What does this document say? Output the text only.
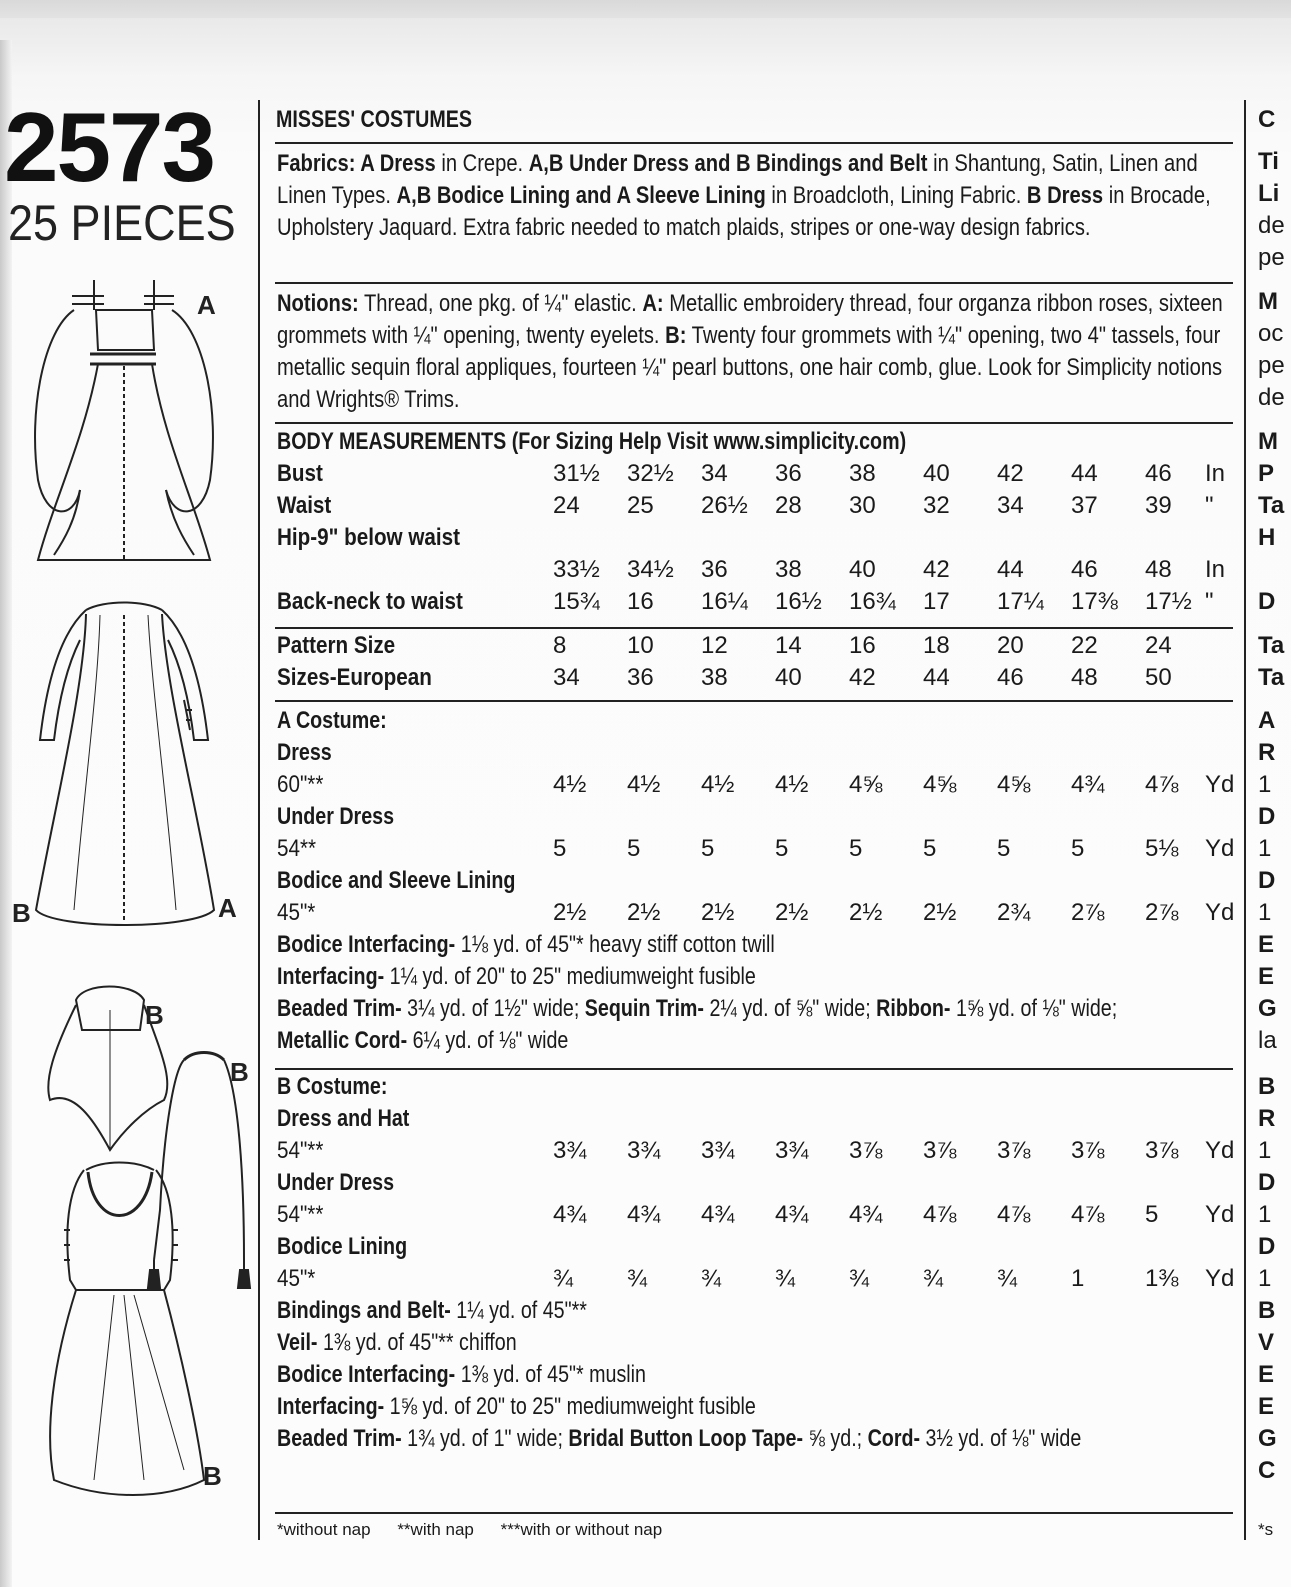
2573
25 PIECES
A
A
B
B
B
B
MISSES' COSTUMES
Fabrics: A Dress in Crepe. A,B Under Dress and B Bindings and Belt in Shantung, Satin, Linen and Linen Types. A,B Bodice Lining and A Sleeve Lining in Broadcloth, Lining Fabric. B Dress in Brocade, Upholstery Jaquard. Extra fabric needed to match plaids, stripes or one-way design fabrics.
Notions: Thread, one pkg. of ¼" elastic. A: Metallic embroidery thread, four organza ribbon roses, sixteen grommets with ¼" opening, twenty eyelets. B: Twenty four grommets with ¼" opening, two 4" tassels, four metallic sequin floral appliques, fourteen ¼" pearl buttons, one hair comb, glue. Look for Simplicity notions and Wrights® Trims.
BODY MEASUREMENTS (For Sizing Help Visit www.simplicity.com)
Bust	31½ 32½ 34	36	38	40	42	44	46	In
Waist	24	25	26½ 28	30	32	34	37	39	"
Hip-9" below waist
33½ 34½ 36	38	40	42	44	46	48	In
Back-neck to waist	15¾ 16	16¼ 16½ 16¾ 17	17¼ 17⅜ 17½ "
Pattern Size	8	10	12	14	16	18	20	22	24
Sizes-European	34	36	38	40	42	44	46	48	50
A Costume:
Dress
60"**	4½	4½	4½	4½	4⅝	4⅝	4⅝	4¾	4⅞	Yd
Under Dress
54**	5	5	5	5	5	5	5	5	5⅛	Yd
Bodice and Sleeve Lining
45"*	2½	2½	2½	2½	2½	2½	2¾	2⅞	2⅞	Yd
Bodice Interfacing- 1⅛ yd. of 45"* heavy stiff cotton twill
Interfacing- 1¼ yd. of 20" to 25" mediumweight fusible
Beaded Trim- 3¼ yd. of 1½" wide; Sequin Trim- 2¼ yd. of ⅝" wide; Ribbon- 1⅝ yd. of ⅛" wide;
Metallic Cord- 6¼ yd. of ⅛" wide
B Costume:
Dress and Hat
54"**	3¾	3¾	3¾	3¾	3⅞	3⅞	3⅞	3⅞	3⅞	Yd
Under Dress
54"**	4¾	4¾	4¾	4¾	4¾	4⅞	4⅞	4⅞	5	Yd
Bodice Lining
45"*	¾	¾	¾	¾	¾	¾	¾	1	1⅜	Yd
Bindings and Belt- 1¼ yd. of 45"**
Veil- 1⅜ yd. of 45"** chiffon
Bodice Interfacing- 1⅜ yd. of 45"* muslin
Interfacing- 1⅝ yd. of 20" to 25" mediumweight fusible
Beaded Trim- 1¾ yd. of 1" wide; Bridal Button Loop Tape- ⅝ yd.; Cord- 3½ yd. of ⅛" wide
*without nap **with nap ***with or without nap
C
Ti
Li
de
pe
M
oc
pe
de
M
P
Ta
H
D
Ta
Ta
A
R
1
D
1
D
1
E
E
G
la
B
R
1
D
1
D
1
B
V
E
E
G
C
*s
